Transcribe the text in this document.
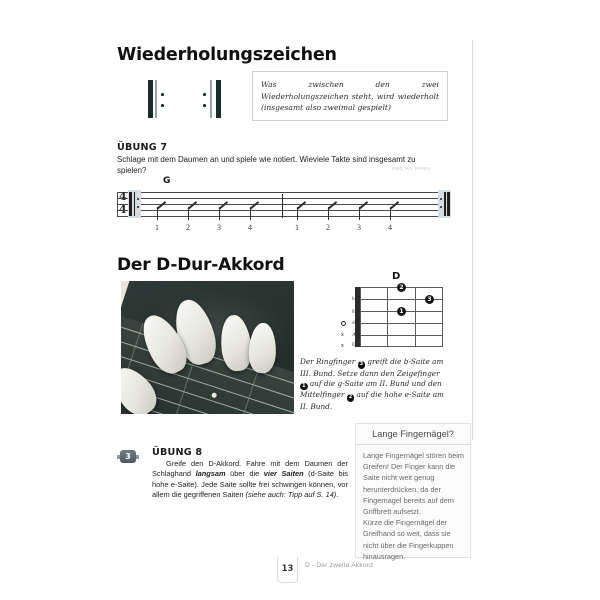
Wiederholungszeichen

Was zwischen den zwei Wiederholungszeichen steht, wird wiederholt (insgesamt also zweimal gespielt)

ÜBUNG 7
Schlage mit dem Daumen an und spiele wie notiert. Wieviele Takte sind insgesamt zu spielen?	Antwort: Vier Takte
4
4
G
1	2	3	4	1	2	3	4
Der D-Dur-Akkord
D
2
3
1
b
g
d
A
E
x
x
Der Ringfinger 3 greift die b-Saite am III. Bund. Setze dann den Zeigefinger 1 auf die g-Saite am II. Bund und den Mittelfinger 2 auf die hohe e-Saite am II. Bund.
3	ÜBUNG 8
Greife den D-Akkord. Fahre mit dem Daumen der Schlaghand langsam über die vier Saiten (d-Saite bis hohe e-Saite). Jede Saite sollte frei schwingen können, vor allem die gegriffenen Saiten (siehe auch: Tipp auf S. 14).
Lange Fingernägel?

Lange Fingernägel stören beim Greifen! Der Finger kann die Saite nicht weit genug herunterdrücken, da der Fingernagel bereits auf dem Griffbrett aufsetzt.

Kürze die Fingernägel der Greifhand so weit, dass sie nicht über die Fingerkuppen hinausragen.

13	D - Der zweite Akkord
